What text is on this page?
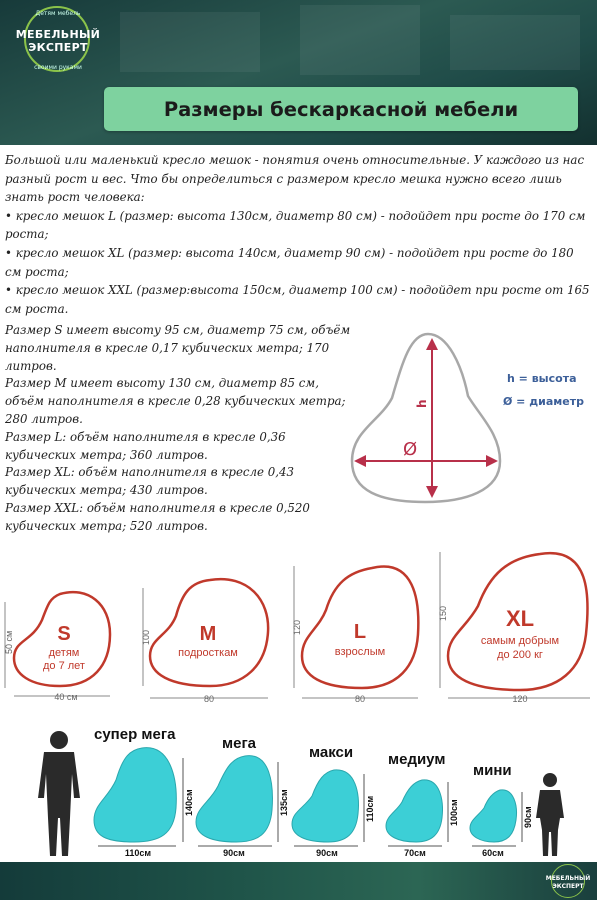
Детям мебель
МЕБЕЛЬНЫЙ
ЭКСПЕРТ
своими руками
Размеры бескаркасной мебели

Большой или маленький кресло мешок - понятия очень относительные. У каждого из нас разный рост и вес. Что бы определиться с размером кресло мешка нужно всего лишь знать рост человека:

• кресло мешок L (размер: высота 130см, диаметр 80 см) - подойдет при росте до 170 см роста;

• кресло мешок XL (размер: высота 140см, диаметр 90 см) - подойдет при росте до 180 см роста;

• кресло мешок XXL (размер:высота 150см, диаметр 100 см) - подойдет при росте от 165 см роста.

Размер S имеет высоту 95 см, диаметр 75 см, объём наполнителя в кресле 0,17 кубических метра; 170 литров.

Размер M имеет высоту 130 см, диаметр 85 см, объём наполнителя в кресле 0,28 кубических метра; 280 литров.

Размер L: объём наполнителя в кресле 0,36 кубических метра; 360 литров.

Размер XL: объём наполнителя в кресле 0,43 кубических метра; 430 литров.

Размер XXL: объём наполнителя в кресле 0,520 кубических метра; 520 литров.

h
Ø
h = высота
Ø = диаметр
S
детям
до 7 лет
50 см
40 см
M
подросткам
100
80
L
взрослым
120
80
XL
самым добрым
до 200 кг
150
120
супер мега
мега
макси медиум
мини
140см
110см
135см
90см
110см
90см
100см
70см
90см
60см
МЕБЕЛЬНЫЙ
ЭКСПЕРТ
